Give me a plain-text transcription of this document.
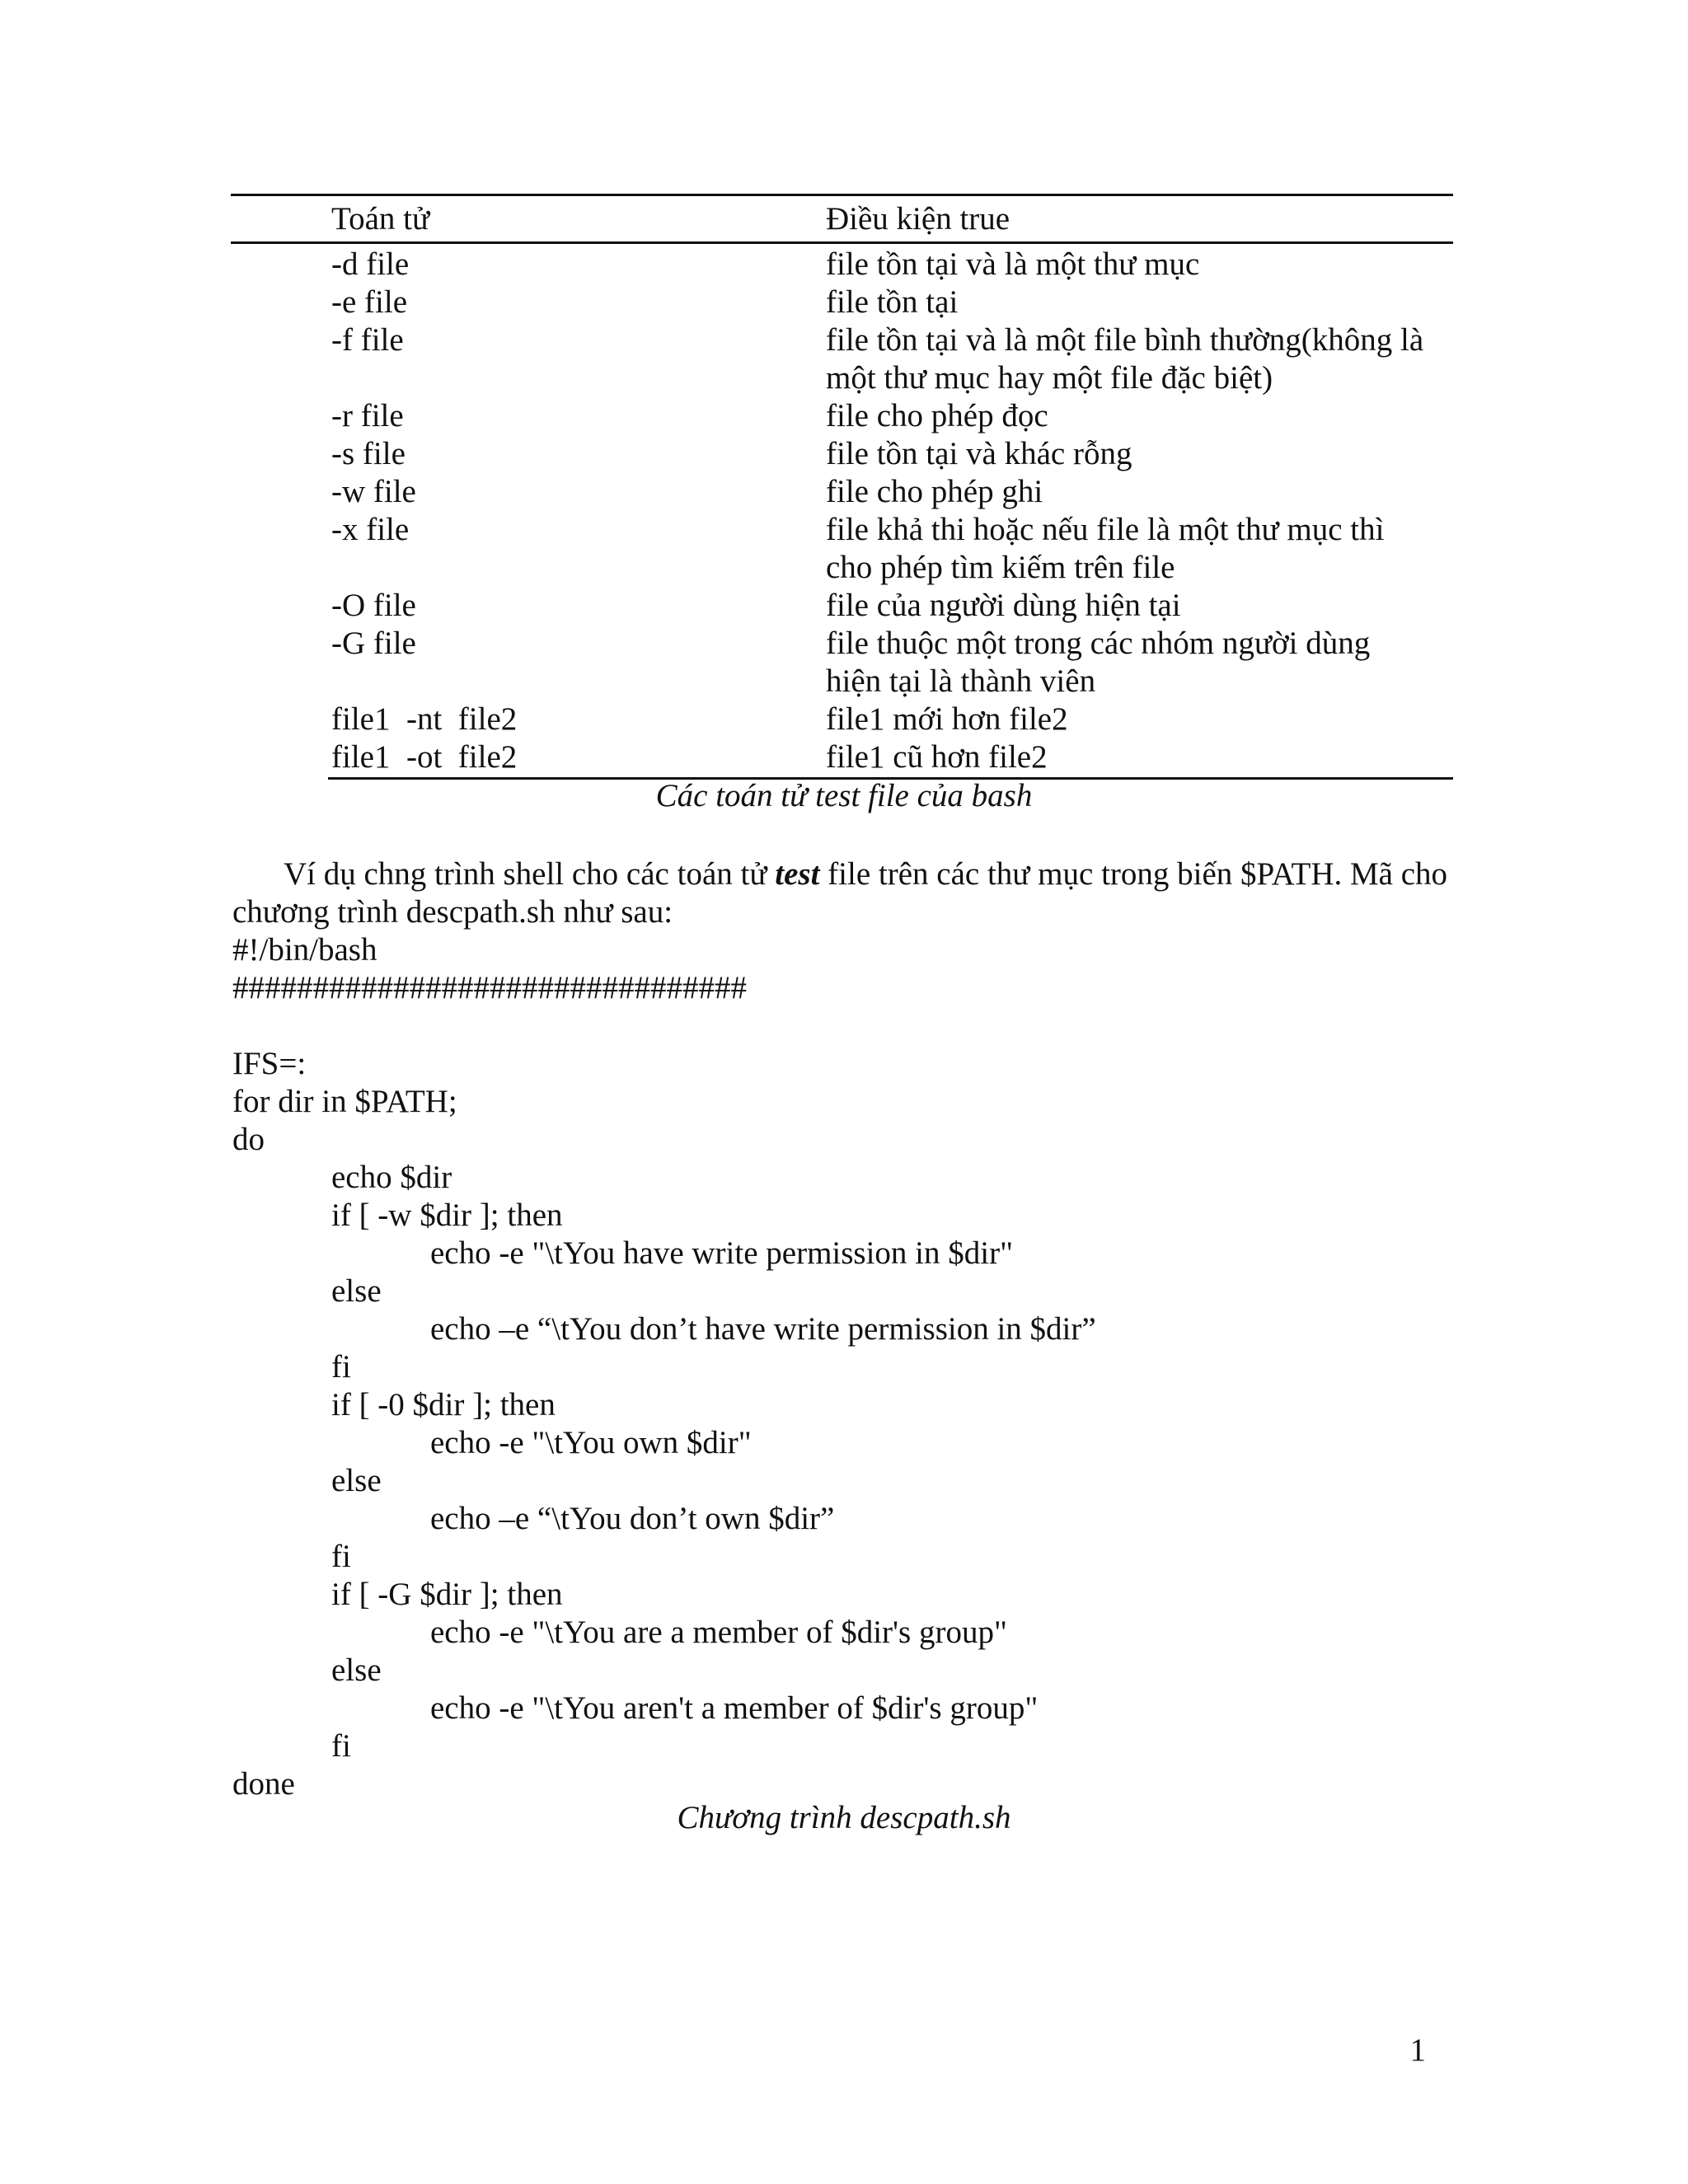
Toán tử	Điều kiện true
-d file	file tồn tại và là một thư mục
-e file	file tồn tại
-f file	file tồn tại và là một file bình thường(không là
một thư mục hay một file đặc biệt)
-r file	file cho phép đọc
-s file	file tồn tại và khác rỗng
-w file	file cho phép ghi
-x file	file khả thi hoặc nếu file là một thư mục thì
cho phép tìm kiếm trên file
-O file	file của người dùng hiện tại
-G file	file thuộc một trong các nhóm người dùng
hiện tại là thành viên
file1  -nt  file2	file1 mới hơn file2
file1  -ot  file2	file1 cũ hơn file2
Các toán tử test file của bash
Ví dụ chng trình shell cho các toán tử test file trên các thư mục trong biến $PATH. Mã cho chương trình descpath.sh như sau:
#!/bin/bash
################################
IFS=:
for dir in $PATH;
do
echo $dir
if [ -w $dir ]; then
echo -e "\tYou have write permission in $dir"
else
echo –e “\tYou don’t have write permission in $dir”
fi
if [ -0 $dir ]; then
echo -e "\tYou own $dir"
else
echo –e “\tYou don’t own $dir”
fi
if [ -G $dir ]; then
echo -e "\tYou are a member of $dir's group"
else
echo -e "\tYou aren't a member of $dir's group"
fi
done
Chương trình descpath.sh
1
